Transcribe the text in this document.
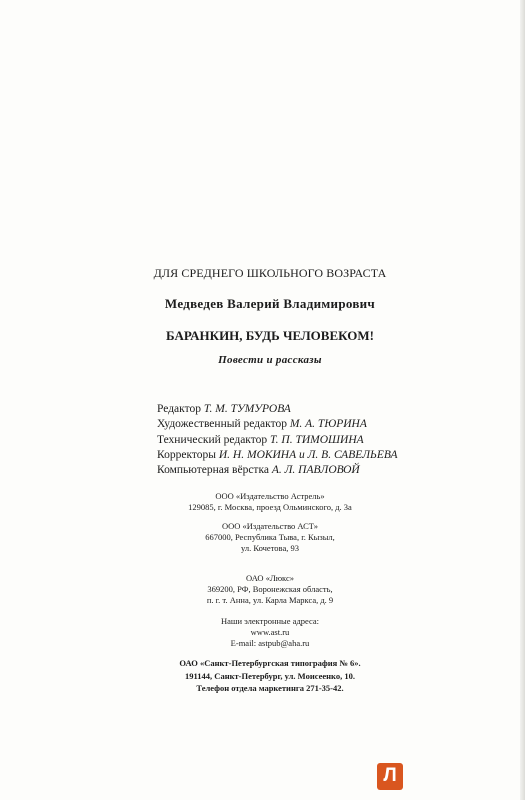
ДЛЯ СРЕДНЕГО ШКОЛЬНОГО ВОЗРАСТА
Медведев Валерий Владимирович
БАРАНКИН, БУДЬ ЧЕЛОВЕКОМ!
Повести и рассказы
Редактор Т. М. ТУМУРОВА
Художественный редактор М. А. ТЮРИНА
Технический редактор Т. П. ТИМОШИНА
Корректоры И. Н. МОКИНА и Л. В. САВЕЛЬЕВА
Компьютерная вёрстка А. Л. ПАВЛОВОЙ
ООО «Издательство Астрель»
129085, г. Москва, проезд Ольминского, д. 3а
ООО «Издательство АСТ»
667000, Республика Тыва, г. Кызыл,
ул. Кочетова, 93
ОАО «Люкс»
369200, РФ, Воронежская область,
п. г. т. Анна, ул. Карла Маркса, д. 9
Наши электронные адреса:
www.ast.ru
E-mail: astpub@aha.ru
ОАО «Санкт-Петербургская типография № 6».
191144, Санкт-Петербург, ул. Моисеенко, 10.
Телефон отдела маркетинга 271-35-42.
Л
